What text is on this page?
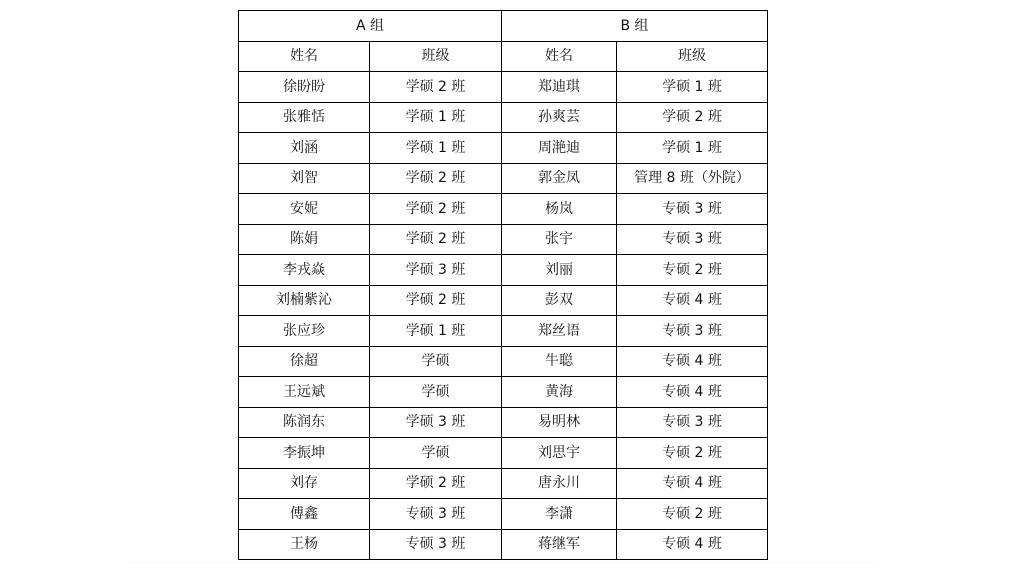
A 组		B 组	
姓名	班级	姓名	班级
徐盼盼	学硕 2 班	郑迪琪	学硕 1 班
张雅恬	学硕 1 班	孙爽芸	学硕 2 班
刘涵	学硕 1 班	周滟迪	学硕 1 班
刘智	学硕 2 班	郭金凤	管理 8 班（外院）
安妮	学硕 2 班	杨岚	专硕 3 班
陈娟	学硕 2 班	张宇	专硕 3 班
李戎焱	学硕 3 班	刘丽	专硕 2 班
刘楠紫沁	学硕 2 班	彭双	专硕 4 班
张应珍	学硕 1 班	郑丝语	专硕 3 班
徐超	学硕	牛聪	专硕 4 班
王远斌	学硕	黄海	专硕 4 班
陈润东	学硕 3 班	易明林	专硕 3 班
李振坤	学硕	刘思宇	专硕 2 班
刘存	学硕 2 班	唐永川	专硕 4 班
傅鑫	专硕 3 班	李潇	专硕 2 班
王杨	专硕 3 班	蒋继军	专硕 4 班
